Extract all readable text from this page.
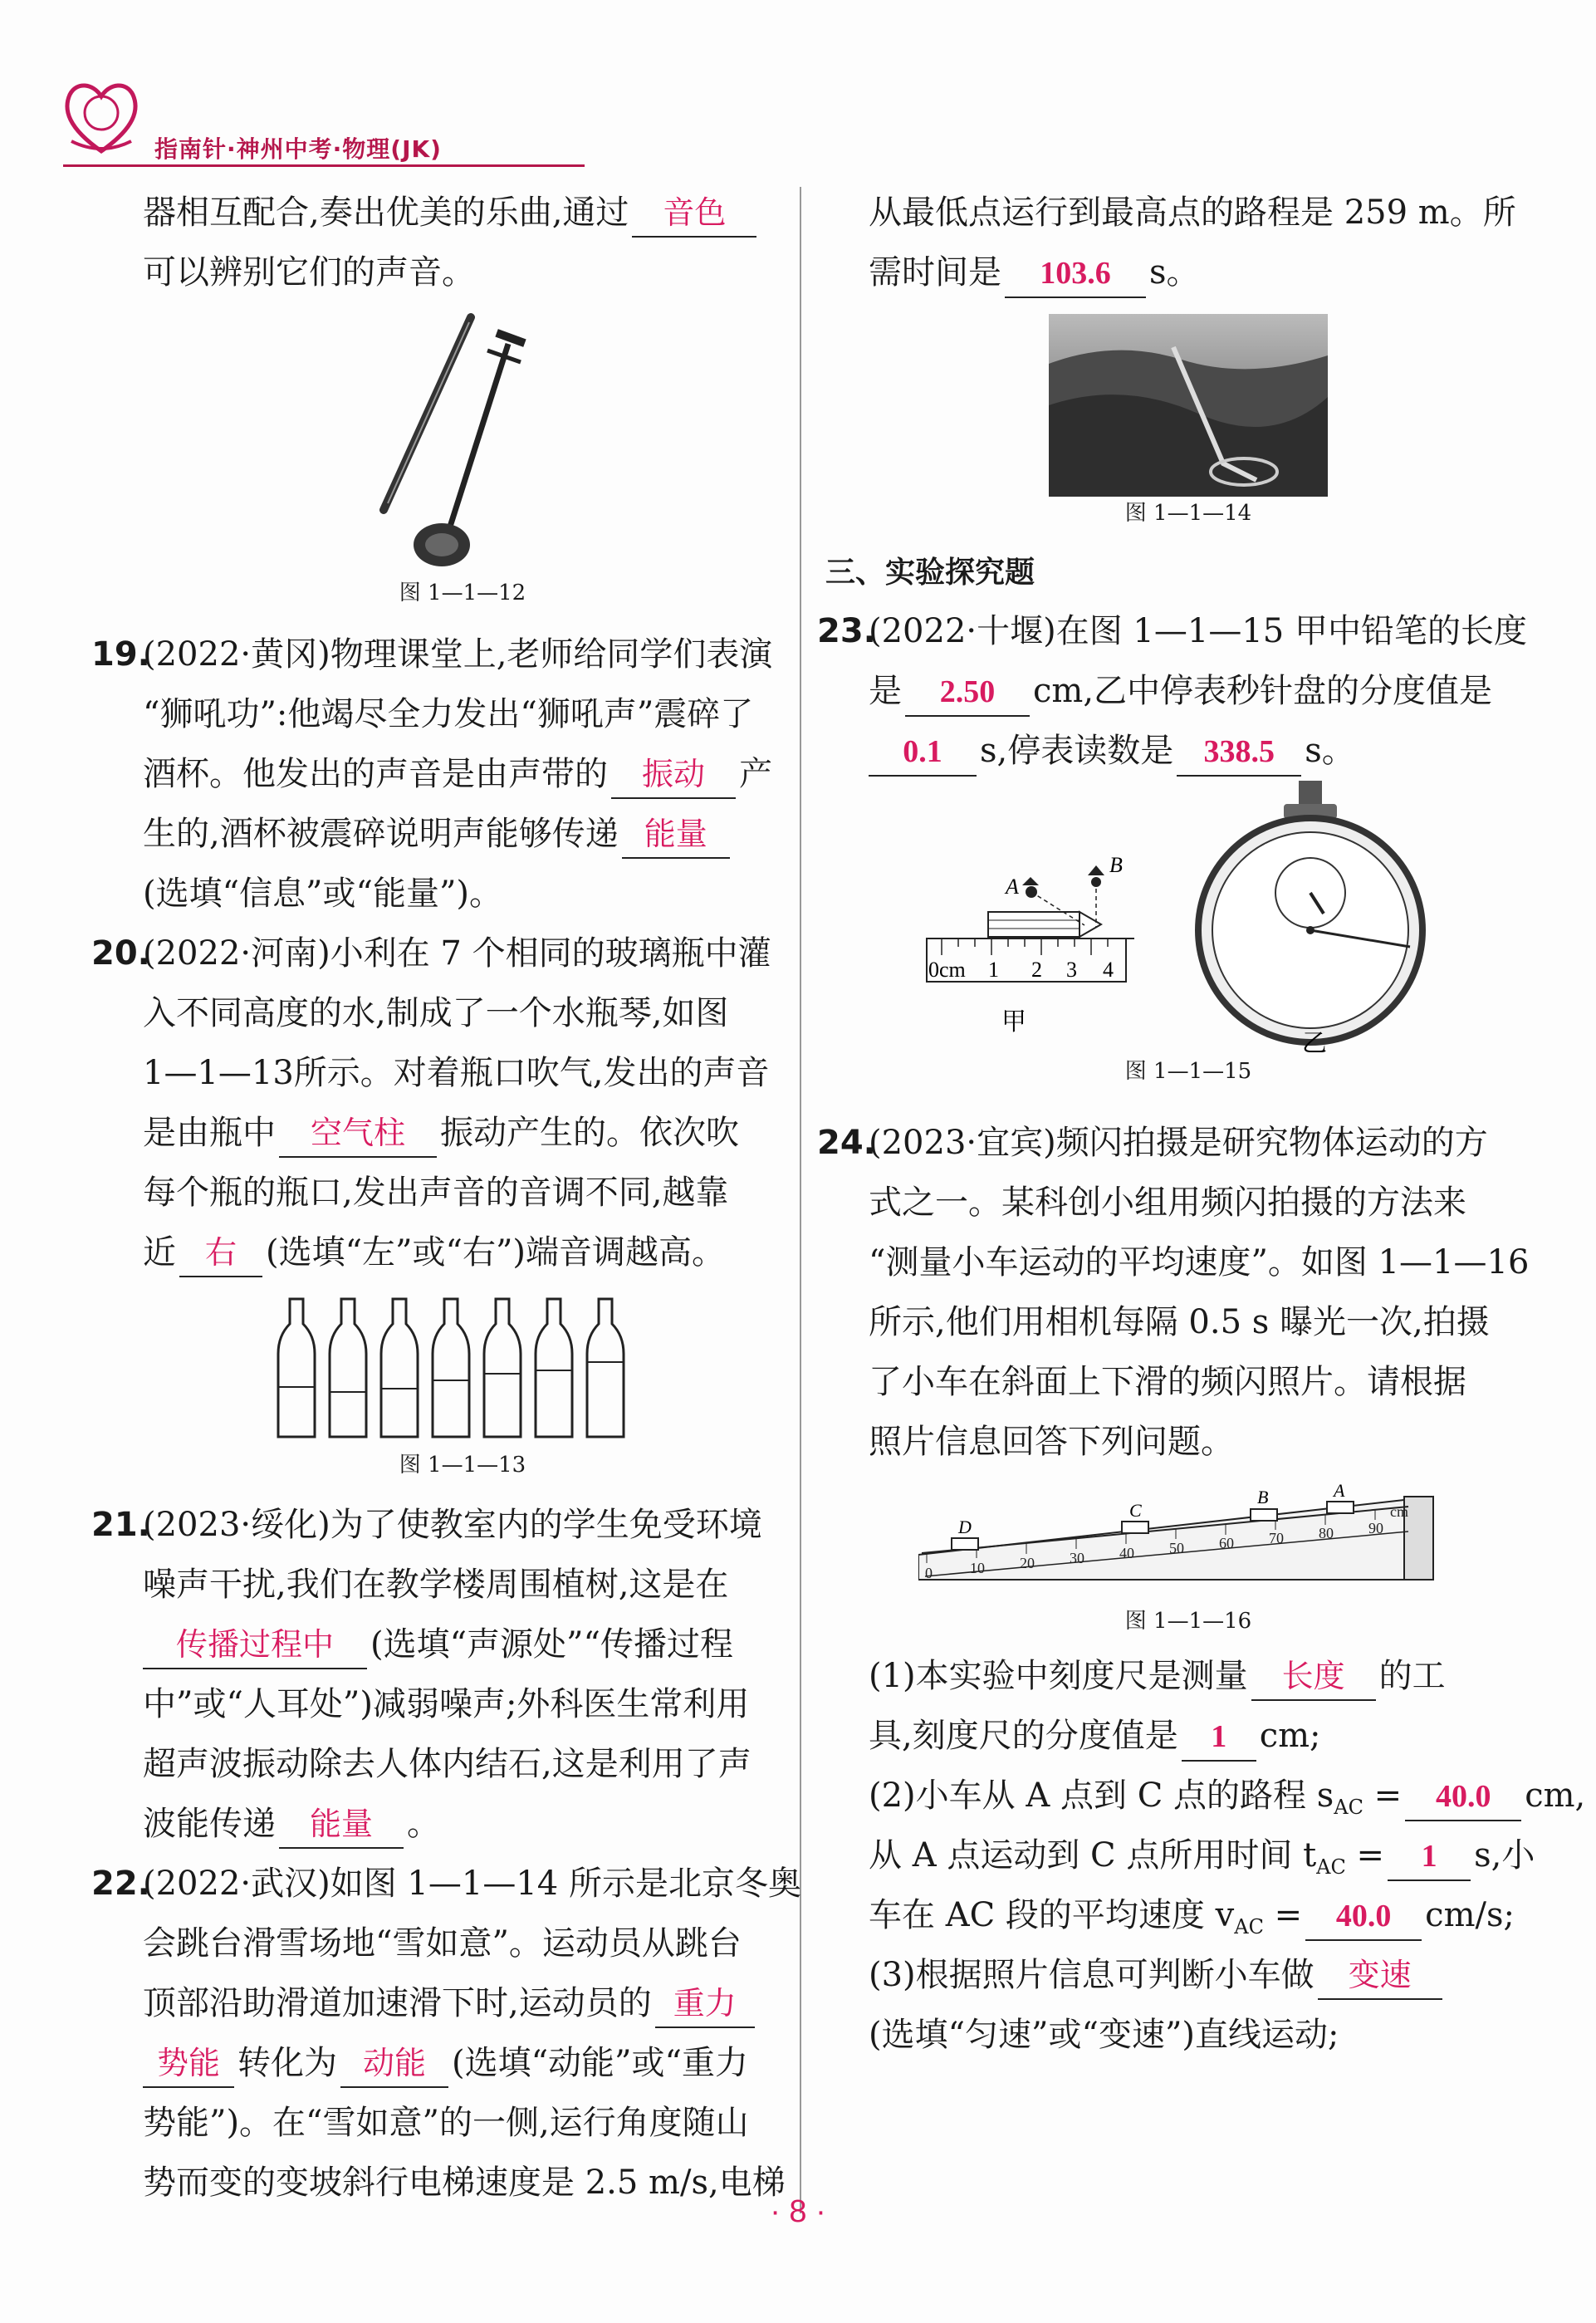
指南针·神州中考·物理(JK)
器相互配合,奏出优美的乐曲,通过 音色
可以辨别它们的声音。
图 1—1—12
19.
(2022·黄冈)物理课堂上,老师给同学们表演
“狮吼功”:他竭尽全力发出“狮吼声”震碎了
酒杯。他发出的声音是由声带的 振动 产
生的,酒杯被震碎说明声能够传递 能量
(选填“信息”或“能量”)。
20.
(2022·河南)小利在 7 个相同的玻璃瓶中灌
入不同高度的水,制成了一个水瓶琴,如图
1—1—13所示。对着瓶口吹气,发出的声音
是由瓶中 空气柱 振动产生的。依次吹
每个瓶的瓶口,发出声音的音调不同,越靠
近 右 (选填“左”或“右”)端音调越高。
图 1—1—13
21.
(2023·绥化)为了使教室内的学生免受环境
噪声干扰,我们在教学楼周围植树,这是在
传播过程中 (选填“声源处”“传播过程
中”或“人耳处”)减弱噪声;外科医生常利用
超声波振动除去人体内结石,这是利用了声
波能传递 能量 。
22.
(2022·武汉)如图 1—1—14 所示是北京冬奥
会跳台滑雪场地“雪如意”。运动员从跳台
顶部沿助滑道加速滑下时,运动员的 重力
势能 转化为 动能 (选填“动能”或“重力
势能”)。在“雪如意”的一侧,运行角度随山
势而变的变坡斜行电梯速度是 2.5 m/s,电梯
从最低点运行到最高点的路程是 259 m。所
需时间是 103.6 s。
图 1—1—14
三、实验探究题
23.
(2022·十堰)在图 1—1—15 甲中铅笔的长度
是 2.50 cm,乙中停表秒针盘的分度值是
0.1 s,停表读数是 338.5 s。
A
B
0cm 1 2 3 4
甲
乙
图 1—1—15
24.
(2023·宜宾)频闪拍摄是研究物体运动的方
式之一。某科创小组用频闪拍摄的方法来
“测量小车运动的平均速度”。如图 1—1—16
所示,他们用相机每隔 0.5 s 曝光一次,拍摄
了小车在斜面上下滑的频闪照片。请根据
照片信息回答下列问题。
0	10 20 30 40 50 60 70 80 90
cm
D
C
B	A
图 1—1—16
(1)本实验中刻度尺是测量 长度 的工
具,刻度尺的分度值是 1 cm;
(2)小车从 A 点到 C 点的路程 $s_{AC} = 40.0$ cm,
从 A 点运动到 C 点所用时间 $t_{AC} = 1$ s,小
车在 AC 段的平均速度 $v_{AC} = 40.0$ cm/s;
(3)根据照片信息可判断小车做 变速
(选填“匀速”或“变速”)直线运动;
· 8 ·
